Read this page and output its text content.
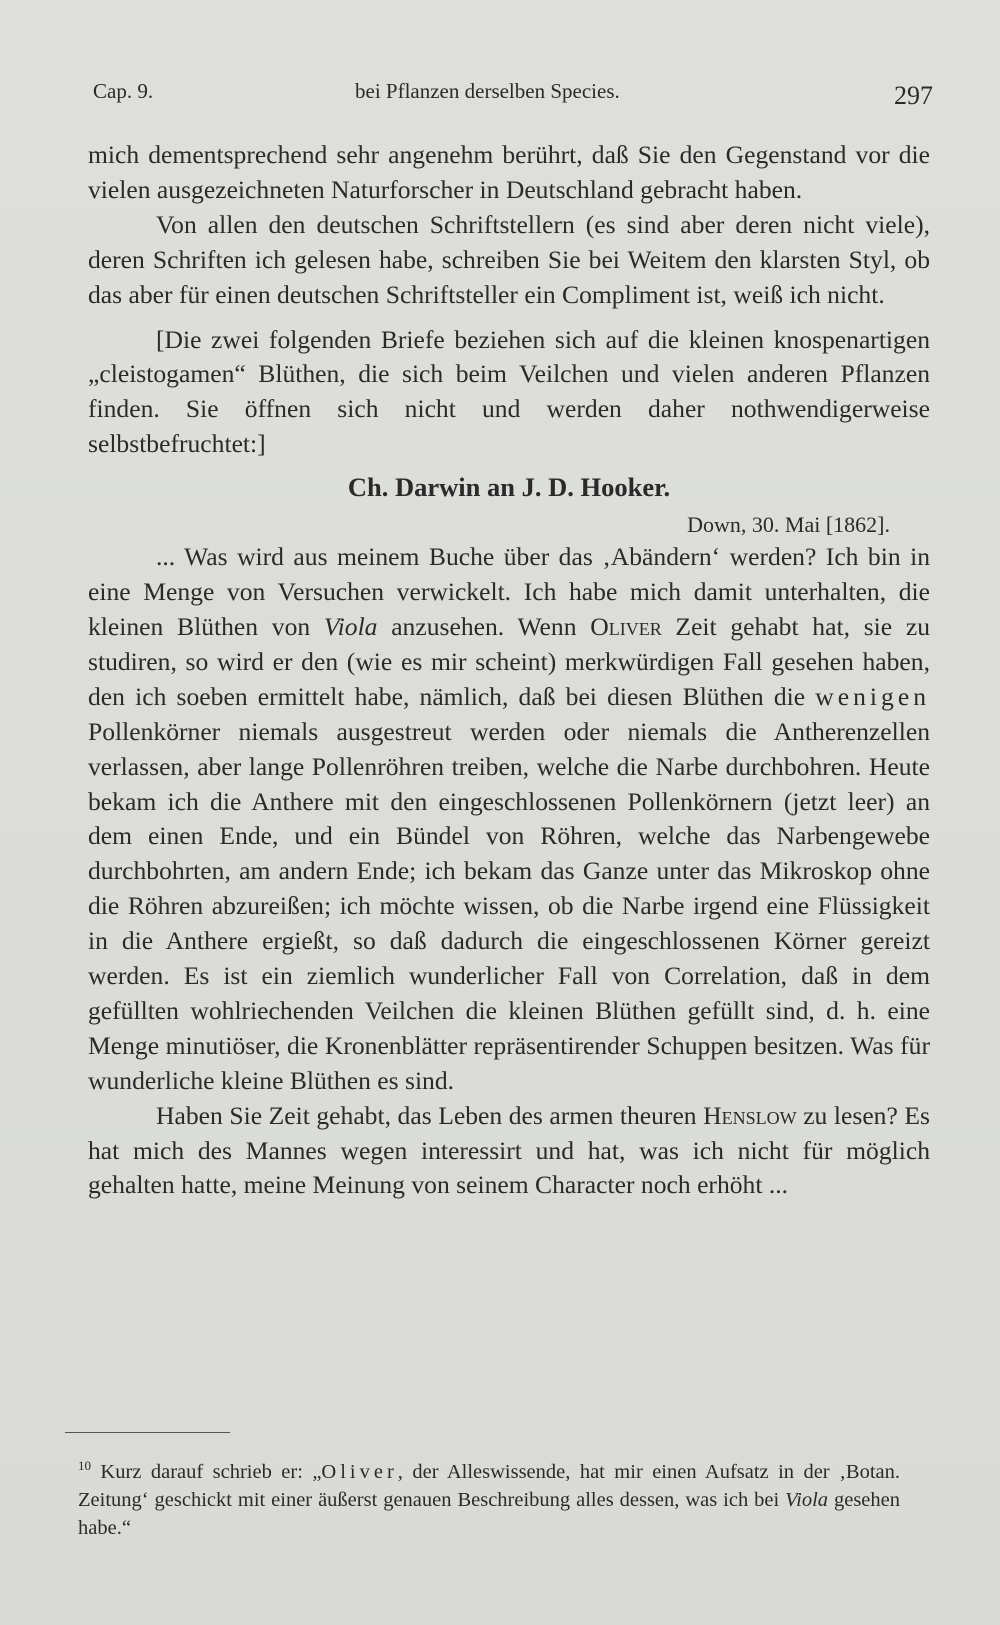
Cap. 9.	bei Pflanzen derselben Species.	297

mich dementsprechend sehr angenehm berührt, daß Sie den Gegenstand vor die vielen ausgezeichneten Naturforscher in Deutschland gebracht haben.

Von allen den deutschen Schriftstellern (es sind aber deren nicht viele), deren Schriften ich gelesen habe, schreiben Sie bei Weitem den klarsten Styl, ob das aber für einen deutschen Schriftsteller ein Compliment ist, weiß ich nicht.

[Die zwei folgenden Briefe beziehen sich auf die kleinen knospenartigen „cleistogamen“ Blüthen, die sich beim Veilchen und vielen anderen Pflanzen finden. Sie öffnen sich nicht und werden daher nothwendigerweise selbstbefruchtet:]

Ch. Darwin an J. D. Hooker.

Down, 30. Mai [1862].

... Was wird aus meinem Buche über das ‚Abändern‘ werden? Ich bin in eine Menge von Versuchen verwickelt. Ich habe mich damit unterhalten, die kleinen Blüthen von Viola anzusehen. Wenn Oliver Zeit gehabt hat, sie zu studiren, so wird er den (wie es mir scheint) merkwürdigen Fall gesehen haben, den ich soeben ermittelt habe, nämlich, daß bei diesen Blüthen die wenigen Pollenkörner niemals ausgestreut werden oder niemals die Antherenzellen verlassen, aber lange Pollenröhren treiben, welche die Narbe durchbohren. Heute bekam ich die Anthere mit den eingeschlossenen Pollenkörnern (jetzt leer) an dem einen Ende, und ein Bündel von Röhren, welche das Narbengewebe durchbohrten, am andern Ende; ich bekam das Ganze unter das Mikroskop ohne die Röhren abzureißen; ich möchte wissen, ob die Narbe irgend eine Flüssigkeit in die Anthere ergießt, so daß dadurch die eingeschlossenen Körner gereizt werden. Es ist ein ziemlich wunderlicher Fall von Correlation, daß in dem gefüllten wohlriechenden Veilchen die kleinen Blüthen gefüllt sind, d. h. eine Menge minutiöser, die Kronenblätter repräsentirender Schuppen besitzen. Was für wunderliche kleine Blüthen es sind.

Haben Sie Zeit gehabt, das Leben des armen theuren Henslow zu lesen? Es hat mich des Mannes wegen interessirt und hat, was ich nicht für möglich gehalten hatte, meine Meinung von seinem Character noch erhöht ...

$^{10}$ Kurz darauf schrieb er: „Oliver, der Alleswissende, hat mir einen Aufsatz in der ‚Botan. Zeitung‘ geschickt mit einer äußerst genauen Beschreibung alles dessen, was ich bei Viola gesehen habe.“
